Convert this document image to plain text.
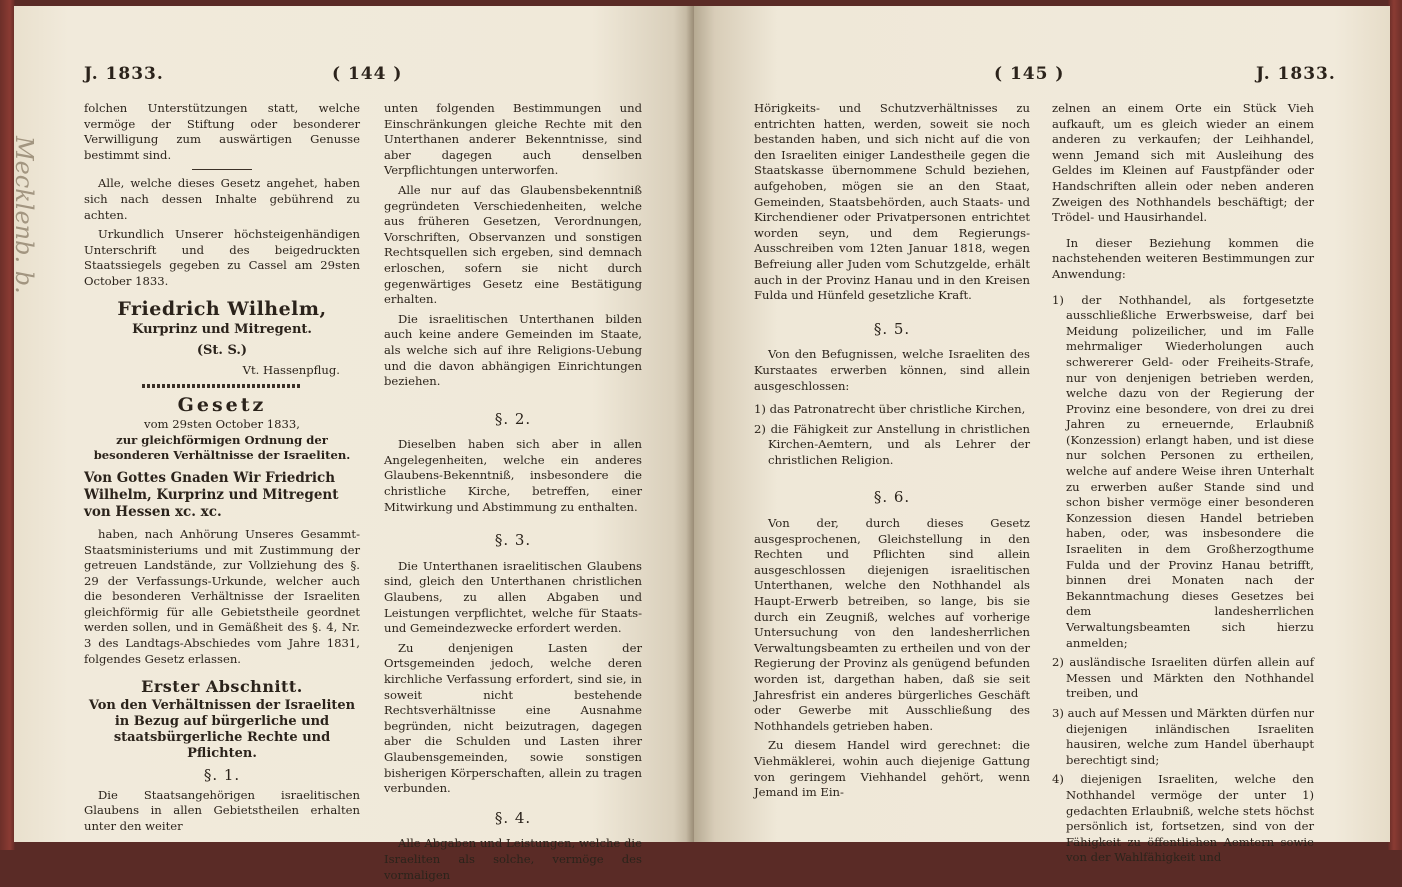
Mecklenb. b.
J. 1833.	( 144 )

folchen Unterstützungen statt, welche vermöge der Stiftung oder besonderer Verwilligung zum auswärtigen Genusse bestimmt sind.

Alle, welche dieses Gesetz angehet, haben sich nach dessen Inhalte gebührend zu achten.

Urkundlich Unserer höchsteigenhändigen Unterschrift und des beigedruckten Staatssiegels gegeben zu Cassel am 29sten October 1833.

Friedrich Wilhelm,
Kurprinz und Mitregent.
(St. S.)
Vt. Hassenpflug.
Gesetz
vom 29sten October 1833,
zur gleichförmigen Ordnung der besonderen Verhältnisse der Israeliten.
Von Gottes Gnaden Wir Friedrich Wilhelm, Kurprinz und Mitregent von Hessen xc. xc.

haben, nach Anhörung Unseres Gesammt-Staatsministeriums und mit Zustimmung der getreuen Landstände, zur Vollziehung des §. 29 der Verfassungs-Urkunde, welcher auch die besonderen Verhältnisse der Israeliten gleichförmig für alle Gebietstheile geordnet werden sollen, und in Gemäßheit des §. 4, Nr. 3 des Landtags-Abschiedes vom Jahre 1831, folgendes Gesetz erlassen.

Erster Abschnitt.
Von den Verhältnissen der Israeliten in Bezug auf bürgerliche und staatsbürgerliche Rechte und Pflichten.
§. 1.

Die Staatsangehörigen israelitischen Glaubens in allen Gebietstheilen erhalten unter den weiter

unten folgenden Bestimmungen und Einschränkungen gleiche Rechte mit den Unterthanen anderer Bekenntnisse, sind aber dagegen auch denselben Verpflichtungen unterworfen.

Alle nur auf das Glaubensbekenntniß gegründeten Verschiedenheiten, welche aus früheren Gesetzen, Verordnungen, Vorschriften, Observanzen und sonstigen Rechtsquellen sich ergeben, sind demnach erloschen, sofern sie nicht durch gegenwärtiges Gesetz eine Bestätigung erhalten.

Die israelitischen Unterthanen bilden auch keine andere Gemeinden im Staate, als welche sich auf ihre Religions-Uebung und die davon abhängigen Einrichtungen beziehen.

§. 2.

Dieselben haben sich aber in allen Angelegenheiten, welche ein anderes Glaubens-Bekenntniß, insbesondere die christliche Kirche, betreffen, einer Mitwirkung und Abstimmung zu enthalten.

§. 3.

Die Unterthanen israelitischen Glaubens sind, gleich den Unterthanen christlichen Glaubens, zu allen Abgaben und Leistungen verpflichtet, welche für Staats- und Gemeindezwecke erfordert werden.

Zu denjenigen Lasten der Ortsgemeinden jedoch, welche deren kirchliche Verfassung erfordert, sind sie, in soweit nicht bestehende Rechtsverhältnisse eine Ausnahme begründen, nicht beizutragen, dagegen aber die Schulden und Lasten ihrer Glaubensgemeinden, sowie sonstigen bisherigen Körperschaften, allein zu tragen verbunden.

§. 4.

Alle Abgaben und Leistungen, welche die Israeliten als solche, vermöge des vormaligen

( 145 )	J. 1833.

Hörigkeits- und Schutzverhältnisses zu entrichten hatten, werden, soweit sie noch bestanden haben, und sich nicht auf die von den Israeliten einiger Landestheile gegen die Staatskasse übernommene Schuld beziehen, aufgehoben, mögen sie an den Staat, Gemeinden, Staatsbehörden, auch Staats- und Kirchendiener oder Privatpersonen entrichtet worden seyn, und dem Regierungs-Ausschreiben vom 12ten Januar 1818, wegen Befreiung aller Juden vom Schutzgelde, erhält auch in der Provinz Hanau und in den Kreisen Fulda und Hünfeld gesetzliche Kraft.

§. 5.

Von den Befugnissen, welche Israeliten des Kurstaates erwerben können, sind allein ausgeschlossen:

1) das Patronatrecht über christliche Kirchen,

2) die Fähigkeit zur Anstellung in christlichen Kirchen-Aemtern, und als Lehrer der christlichen Religion.

§. 6.

Von der, durch dieses Gesetz ausgesprochenen, Gleichstellung in den Rechten und Pflichten sind allein ausgeschlossen diejenigen israelitischen Unterthanen, welche den Nothhandel als Haupt-Erwerb betreiben, so lange, bis sie durch ein Zeugniß, welches auf vorherige Untersuchung von den landesherrlichen Verwaltungsbeamten zu ertheilen und von der Regierung der Provinz als genügend befunden worden ist, dargethan haben, daß sie seit Jahresfrist ein anderes bürgerliches Geschäft oder Gewerbe mit Ausschließung des Nothhandels getrieben haben.

Zu diesem Handel wird gerechnet: die Viehmäklerei, wohin auch diejenige Gattung von geringem Viehhandel gehört, wenn Jemand im Ein-

zelnen an einem Orte ein Stück Vieh aufkauft, um es gleich wieder an einem anderen zu verkaufen; der Leihhandel, wenn Jemand sich mit Ausleihung des Geldes im Kleinen auf Faustpfänder oder Handschriften allein oder neben anderen Zweigen des Nothhandels beschäftigt; der Trödel- und Hausirhandel.

In dieser Beziehung kommen die nachstehenden weiteren Bestimmungen zur Anwendung:

1) der Nothhandel, als fortgesetzte ausschließliche Erwerbsweise, darf bei Meidung polizeilicher, und im Falle mehrmaliger Wiederholungen auch schwererer Geld- oder Freiheits-Strafe, nur von denjenigen betrieben werden, welche dazu von der Regierung der Provinz eine besondere, von drei zu drei Jahren zu erneuernde, Erlaubniß (Konzession) erlangt haben, und ist diese nur solchen Personen zu ertheilen, welche auf andere Weise ihren Unterhalt zu erwerben außer Stande sind und schon bisher vermöge einer besonderen Konzession diesen Handel betrieben haben, oder, was insbesondere die Israeliten in dem Großherzogthume Fulda und der Provinz Hanau betrifft, binnen drei Monaten nach der Bekanntmachung dieses Gesetzes bei dem landesherrlichen Verwaltungsbeamten sich hierzu anmelden;

2) ausländische Israeliten dürfen allein auf Messen und Märkten den Nothhandel treiben, und

3) auch auf Messen und Märkten dürfen nur diejenigen inländischen Israeliten hausiren, welche zum Handel überhaupt berechtigt sind;

4) diejenigen Israeliten, welche den Nothhandel vermöge der unter 1) gedachten Erlaubniß, welche stets höchst persönlich ist, fortsetzen, sind von der Fähigkeit zu öffentlichen Aemtern sowie von der Wahlfähigkeit und
